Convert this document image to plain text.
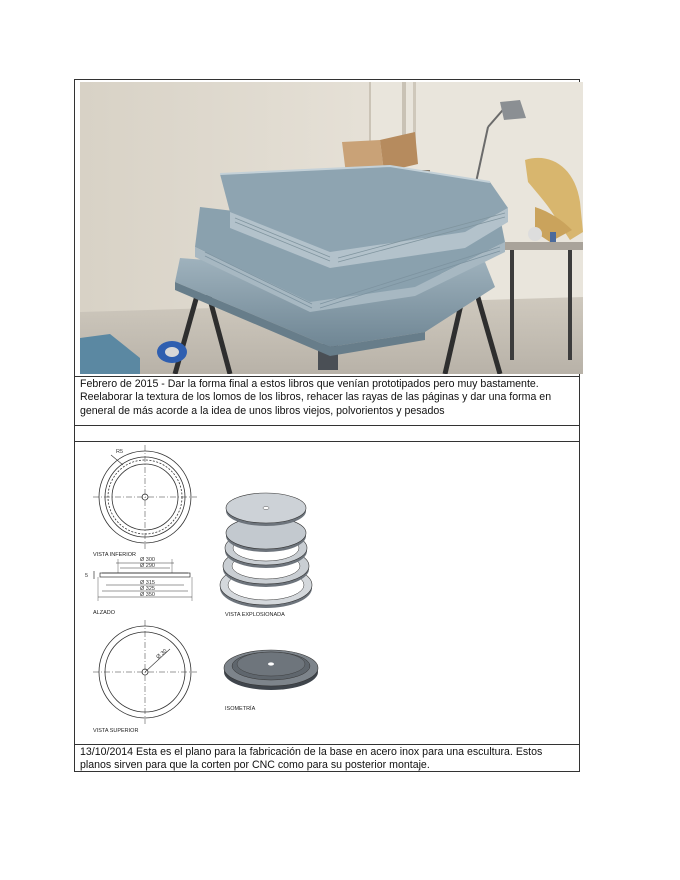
Febrero de 2015 - Dar la forma final a estos libros que venían prototipados pero muy bastamente. Reelaborar la textura de los lomos de los libros, rehacer las rayas de las páginas y dar una forma en general de más acorde a la idea de unos libros viejos, polvorientos y pesados

R5
VISTA INFERIOR
Ø 300
Ø 290
5
Ø 315
Ø 325
Ø 350
ALZADO
Ø 30
VISTA SUPERIOR
VISTA EXPLOSIONADA
ISOMETRÍA

13/10/2014 Esta es el plano para la fabricación de la base en acero inox para una escultura. Estos planos sirven para que la corten por CNC como para su posterior montaje.
